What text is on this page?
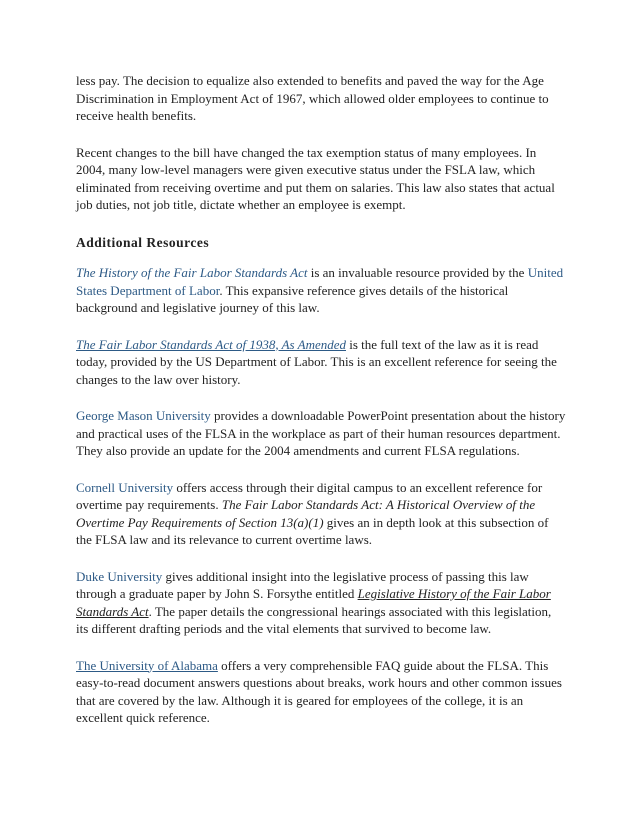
less pay. The decision to equalize also extended to benefits and paved the way for the Age Discrimination in Employment Act of 1967, which allowed older employees to continue to receive health benefits.

Recent changes to the bill have changed the tax exemption status of many employees. In 2004, many low-level managers were given executive status under the FSLA law, which eliminated from receiving overtime and put them on salaries. This law also states that actual job duties, not job title, dictate whether an employee is exempt.

Additional Resources

The History of the Fair Labor Standards Act is an invaluable resource provided by the United States Department of Labor. This expansive reference gives details of the historical background and legislative journey of this law.

The Fair Labor Standards Act of 1938, As Amended is the full text of the law as it is read today, provided by the US Department of Labor. This is an excellent reference for seeing the changes to the law over history.

George Mason University provides a downloadable PowerPoint presentation about the history and practical uses of the FLSA in the workplace as part of their human resources department. They also provide an update for the 2004 amendments and current FLSA regulations.

Cornell University offers access through their digital campus to an excellent reference for overtime pay requirements. The Fair Labor Standards Act: A Historical Overview of the Overtime Pay Requirements of Section 13(a)(1) gives an in depth look at this subsection of the FLSA law and its relevance to current overtime laws.

Duke University gives additional insight into the legislative process of passing this law through a graduate paper by John S. Forsythe entitled Legislative History of the Fair Labor Standards Act. The paper details the congressional hearings associated with this legislation, its different drafting periods and the vital elements that survived to become law.

The University of Alabama offers a very comprehensible FAQ guide about the FLSA. This easy-to-read document answers questions about breaks, work hours and other common issues that are covered by the law. Although it is geared for employees of the college, it is an excellent quick reference.
